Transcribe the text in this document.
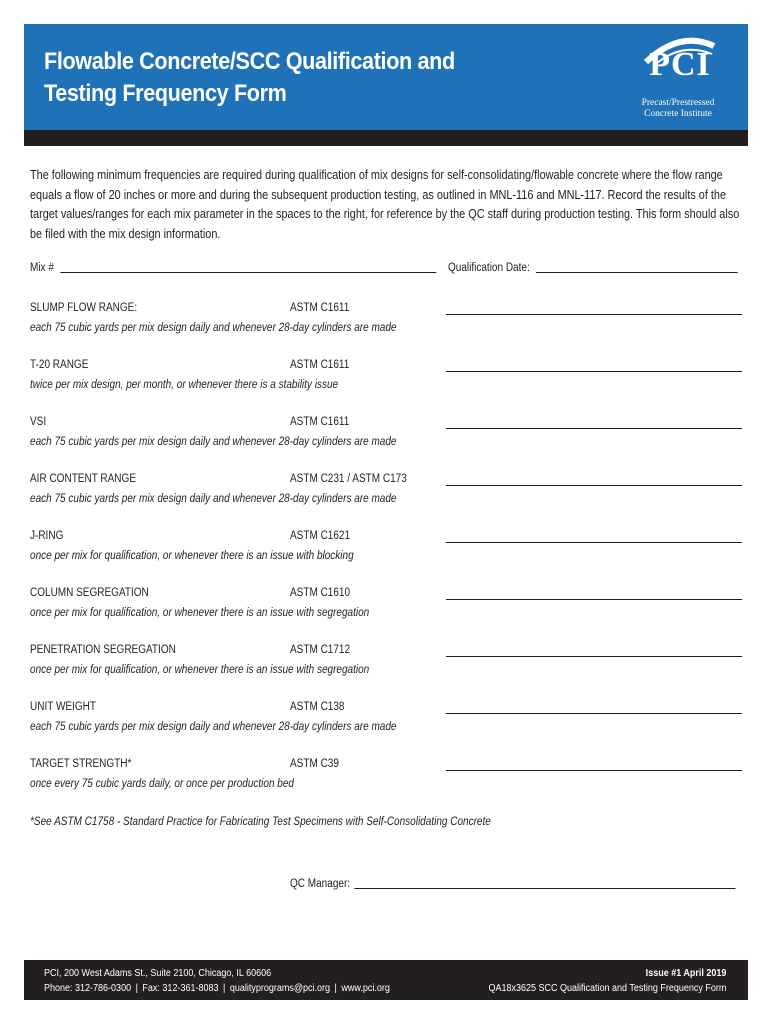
Flowable Concrete/SCC Qualification and
Testing Frequency Form
PCI
Precast/Prestressed
Concrete Institute

The following minimum frequencies are required during qualification of mix designs for self-consolidating/flowable concrete where the flow range equals a flow of 20 inches or more and during the subsequent production testing, as outlined in MNL-116 and MNL-117. Record the results of the target values/ranges for each mix parameter in the spaces to the right, for reference by the QC staff during production testing. This form should also be filed with the mix design information.

Mix #	Qualification Date:
SLUMP FLOW RANGE:	ASTM C1611
each 75 cubic yards per mix design daily and whenever 28-day cylinders are made
T-20 RANGE	ASTM C1611
twice per mix design, per month, or whenever there is a stability issue
VSI	ASTM C1611
each 75 cubic yards per mix design daily and whenever 28-day cylinders are made
AIR CONTENT RANGE	ASTM C231 / ASTM C173
each 75 cubic yards per mix design daily and whenever 28-day cylinders are made
J-RING	ASTM C1621
once per mix for qualification, or whenever there is an issue with blocking
COLUMN SEGREGATION	ASTM C1610
once per mix for qualification, or whenever there is an issue with segregation
PENETRATION SEGREGATION	ASTM C1712
once per mix for qualification, or whenever there is an issue with segregation
UNIT WEIGHT	ASTM C138
each 75 cubic yards per mix design daily and whenever 28-day cylinders are made
TARGET STRENGTH*	ASTM C39
once every 75 cubic yards daily, or once per production bed
*See ASTM C1758 - Standard Practice for Fabricating Test Specimens with Self-Consolidating Concrete
QC Manager:
PCI, 200 West Adams St., Suite 2100, Chicago, IL 60606
Phone: 312-786-0300 | Fax: 312-361-8083 | qualityprograms@pci.org | www.pci.org
Issue #1 April 2019
QA18x3625 SCC Qualification and Testing Frequency Form
